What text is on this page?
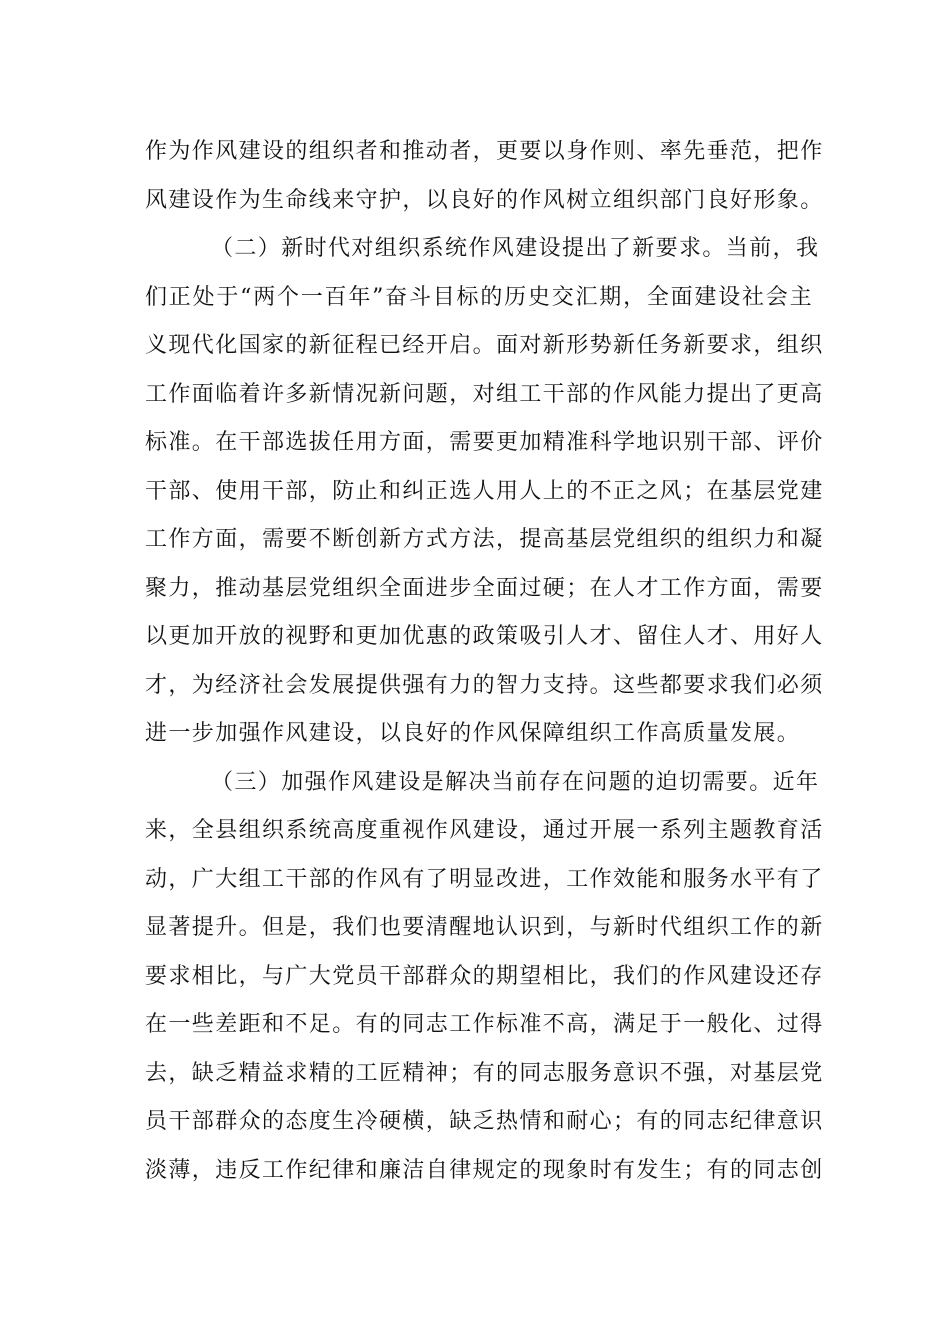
作为作风建设的组织者和推动者，更要以身作则、率先垂范，把作
风建设作为生命线来守护，以良好的作风树立组织部门良好形象。
（二）新时代对组织系统作风建设提出了新要求。当前，我
们正处于“两个一百年”奋斗目标的历史交汇期，全面建设社会主
义现代化国家的新征程已经开启。面对新形势新任务新要求，组织
工作面临着许多新情况新问题，对组工干部的作风能力提出了更高
标准。在干部选拔任用方面，需要更加精准科学地识别干部、评价
干部、使用干部，防止和纠正选人用人上的不正之风；在基层党建
工作方面，需要不断创新方式方法，提高基层党组织的组织力和凝
聚力，推动基层党组织全面进步全面过硬；在人才工作方面，需要
以更加开放的视野和更加优惠的政策吸引人才、留住人才、用好人
才，为经济社会发展提供强有力的智力支持。这些都要求我们必须
进一步加强作风建设，以良好的作风保障组织工作高质量发展。
（三）加强作风建设是解决当前存在问题的迫切需要。近年
来，全县组织系统高度重视作风建设，通过开展一系列主题教育活
动，广大组工干部的作风有了明显改进，工作效能和服务水平有了
显著提升。但是，我们也要清醒地认识到，与新时代组织工作的新
要求相比，与广大党员干部群众的期望相比，我们的作风建设还存
在一些差距和不足。有的同志工作标准不高，满足于一般化、过得
去，缺乏精益求精的工匠精神；有的同志服务意识不强，对基层党
员干部群众的态度生冷硬横，缺乏热情和耐心；有的同志纪律意识
淡薄，违反工作纪律和廉洁自律规定的现象时有发生；有的同志创
